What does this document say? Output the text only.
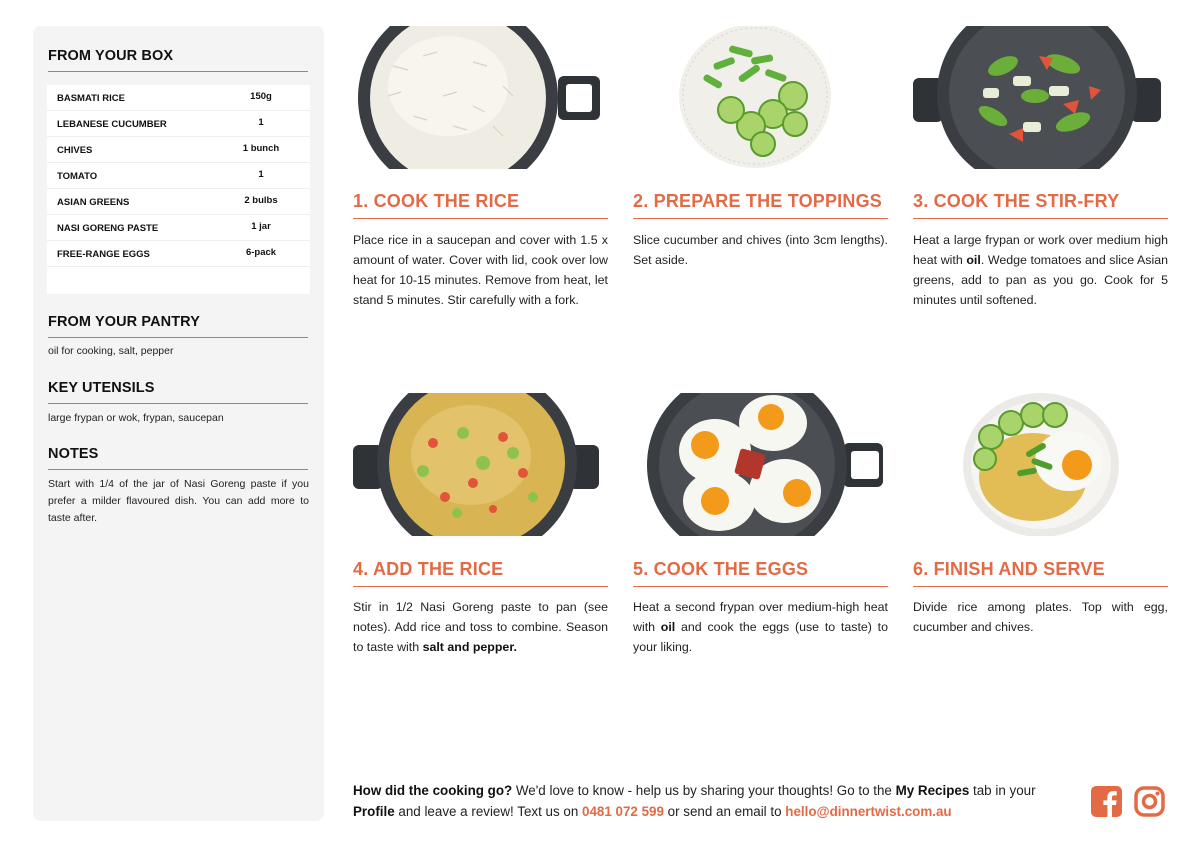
FROM YOUR BOX
BASMATI RICE	150g
LEBANESE CUCUMBER	1
CHIVES	1 bunch
TOMATO	1
ASIAN GREENS	2 bulbs
NASI GORENG PASTE	1 jar
FREE-RANGE EGGS	6-pack
FROM YOUR PANTRY
oil for cooking, salt, pepper
KEY UTENSILS
large frypan or wok, frypan, saucepan
NOTES
Start with 1/4 of the jar of Nasi Goreng paste if you prefer a milder flavoured dish. You can add more to taste after.
1. COOK THE RICE
Place rice in a saucepan and cover with 1.5 x amount of water. Cover with lid, cook over low heat for 10-15 minutes. Remove from heat, let stand 5 minutes. Stir carefully with a fork.
2. PREPARE THE TOPPINGS
Slice cucumber and chives (into 3cm lengths). Set aside.
3. COOK THE STIR-FRY
Heat a large frypan or work over medium high heat with oil. Wedge tomatoes and slice Asian greens, add to pan as you go. Cook for 5 minutes until softened.
4. ADD THE RICE
Stir in 1/2 Nasi Goreng paste to pan (see notes). Add rice and toss to combine. Season to taste with salt and pepper.
5. COOK THE EGGS
Heat a second frypan over medium-high heat with oil and cook the eggs (use to taste) to your liking.
6. FINISH AND SERVE
Divide rice among plates. Top with egg, cucumber and chives.
How did the cooking go? We'd love to know - help us by sharing your thoughts! Go to the My Recipes tab in your Profile and leave a review! Text us on 0481 072 599 or send an email to hello@dinnertwist.com.au
